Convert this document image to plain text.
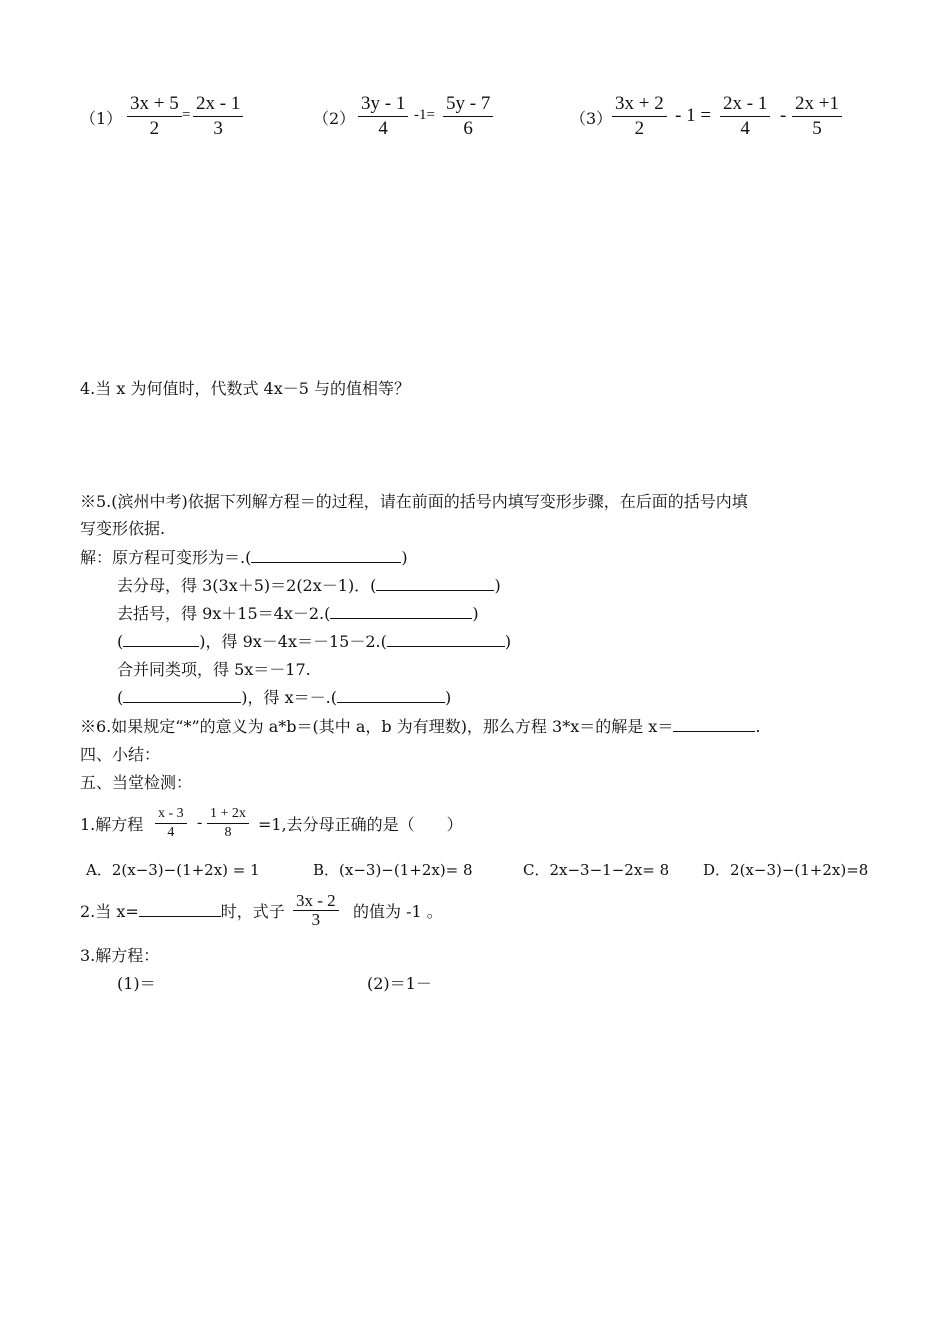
（1）
3x + 5
2
=
2x - 1
3	（2）
3y - 1
4
-1=
5y - 7
6	（3）
3x + 2
2
- 1 =
2x - 1
4
-
2x +1
5
4.当 x 为何值时，代数式 4x－5 与的值相等？
※5.(滨州中考)依据下列解方程＝的过程，请在前面的括号内填写变形步骤，在后面的括号内填
写变形依据.
解：原方程可变形为＝.(	)
去分母，得 3(3x＋5)＝2(2x－1)．(	)
去括号，得 9x＋15＝4x－2.(	)
(	)，得 9x－4x＝－15－2.(	)
合并同类项，得 5x＝－17.
(	)，得 x＝－.(	)
※6.如果规定“*”的意义为 a*b＝(其中 a，b 为有理数)，那么方程 3*x＝的解是 x＝	.
四、小结：
五、当堂检测：
1.解方程
x - 3
4
-
1 + 2x
8 =1,去分母正确的是（　　）
A．2(x−3)−(1+2x) = 1	B．(x−3)−(1+2x)= 8	C．2x−3−1−2x= 8 D．2(x−3)−(1+2x)=8
2.当 x=	时，式子
3x - 2
3 的值为 -1 。
3.解方程：
(1)＝	(2)＝1－
